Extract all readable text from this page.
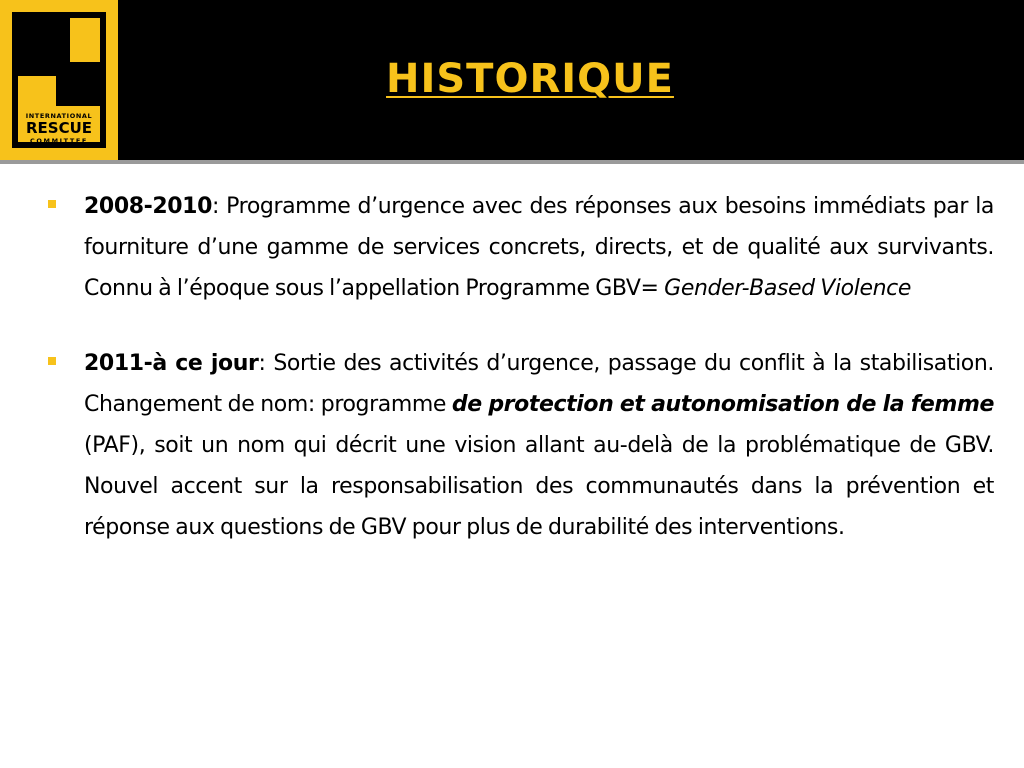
INTERNATIONAL
RESCUE
COMMITTEE
HISTORIQUE
2008-2010: Programme d’urgence avec des réponses aux besoins immédiats par la fourniture d’une gamme de services concrets, directs, et de qualité aux survivants. Connu à l’époque sous l’appellation Programme GBV= Gender-Based Violence
2011-à ce jour: Sortie des activités d’urgence, passage du conflit à la stabilisation. Changement de nom: programme de protection et autonomisation de la femme (PAF), soit un nom qui décrit une vision allant au-delà de la problématique de GBV. Nouvel accent sur la responsabilisation des communautés dans la prévention et réponse aux questions de GBV pour plus de durabilité des interventions.
